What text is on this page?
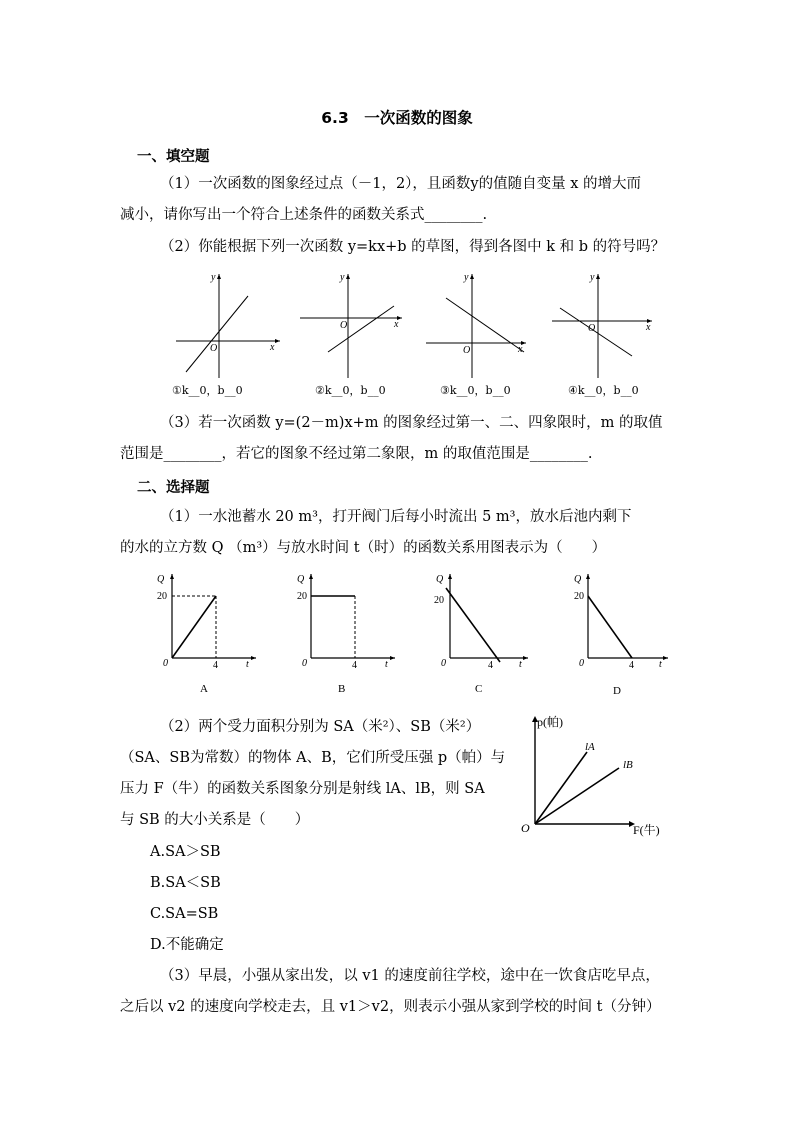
6.3　一次函数的图象
一、填空题
（1）一次函数的图象经过点（－1，2），且函数y的值随自变量 x 的增大而
减小，请你写出一个符合上述条件的函数关系式________.
（2）你能根据下列一次函数 y=kx+b 的草图，得到各图中 k 和 b 的符号吗？
y
x
O
y
x
O
y
x
O
y
x
O
①k__0，b__0	②k__0，b__0	③k__0，b__0	④k__0，b__0
（3）若一次函数 y=(2－m)x+m 的图象经过第一、二、四象限时，m 的取值
范围是________，若它的图象不经过第二象限，m 的取值范围是________.
二、选择题
（1）一水池蓄水 20 m³，打开阀门后每小时流出 5 m³，放水后池内剩下
的水的立方数 Q （m³）与放水时间 t（时）的函数关系用图表示为（　　）
Q
20
0	4	t
A
Q
20
0	4	t
B
Q
20
0	4	t
C
Q
20
0	4	t
D
（2）两个受力面积分别为 SA（米²）、SB（米²）
（SA、SB为常数）的物体 A、B，它们所受压强 p（帕）与
压力 F（牛）的函数关系图象分别是射线 lA、lB，则 SA
与 SB 的大小关系是（　　）
A.SA＞SB
B.SA＜SB
C.SA=SB
D.不能确定
p(帕)
F(牛)
O
lA
lB
（3）早晨，小强从家出发，以 v1 的速度前往学校，途中在一饮食店吃早点，
之后以 v2 的速度向学校走去，且 v1＞v2，则表示小强从家到学校的时间 t（分钟）
